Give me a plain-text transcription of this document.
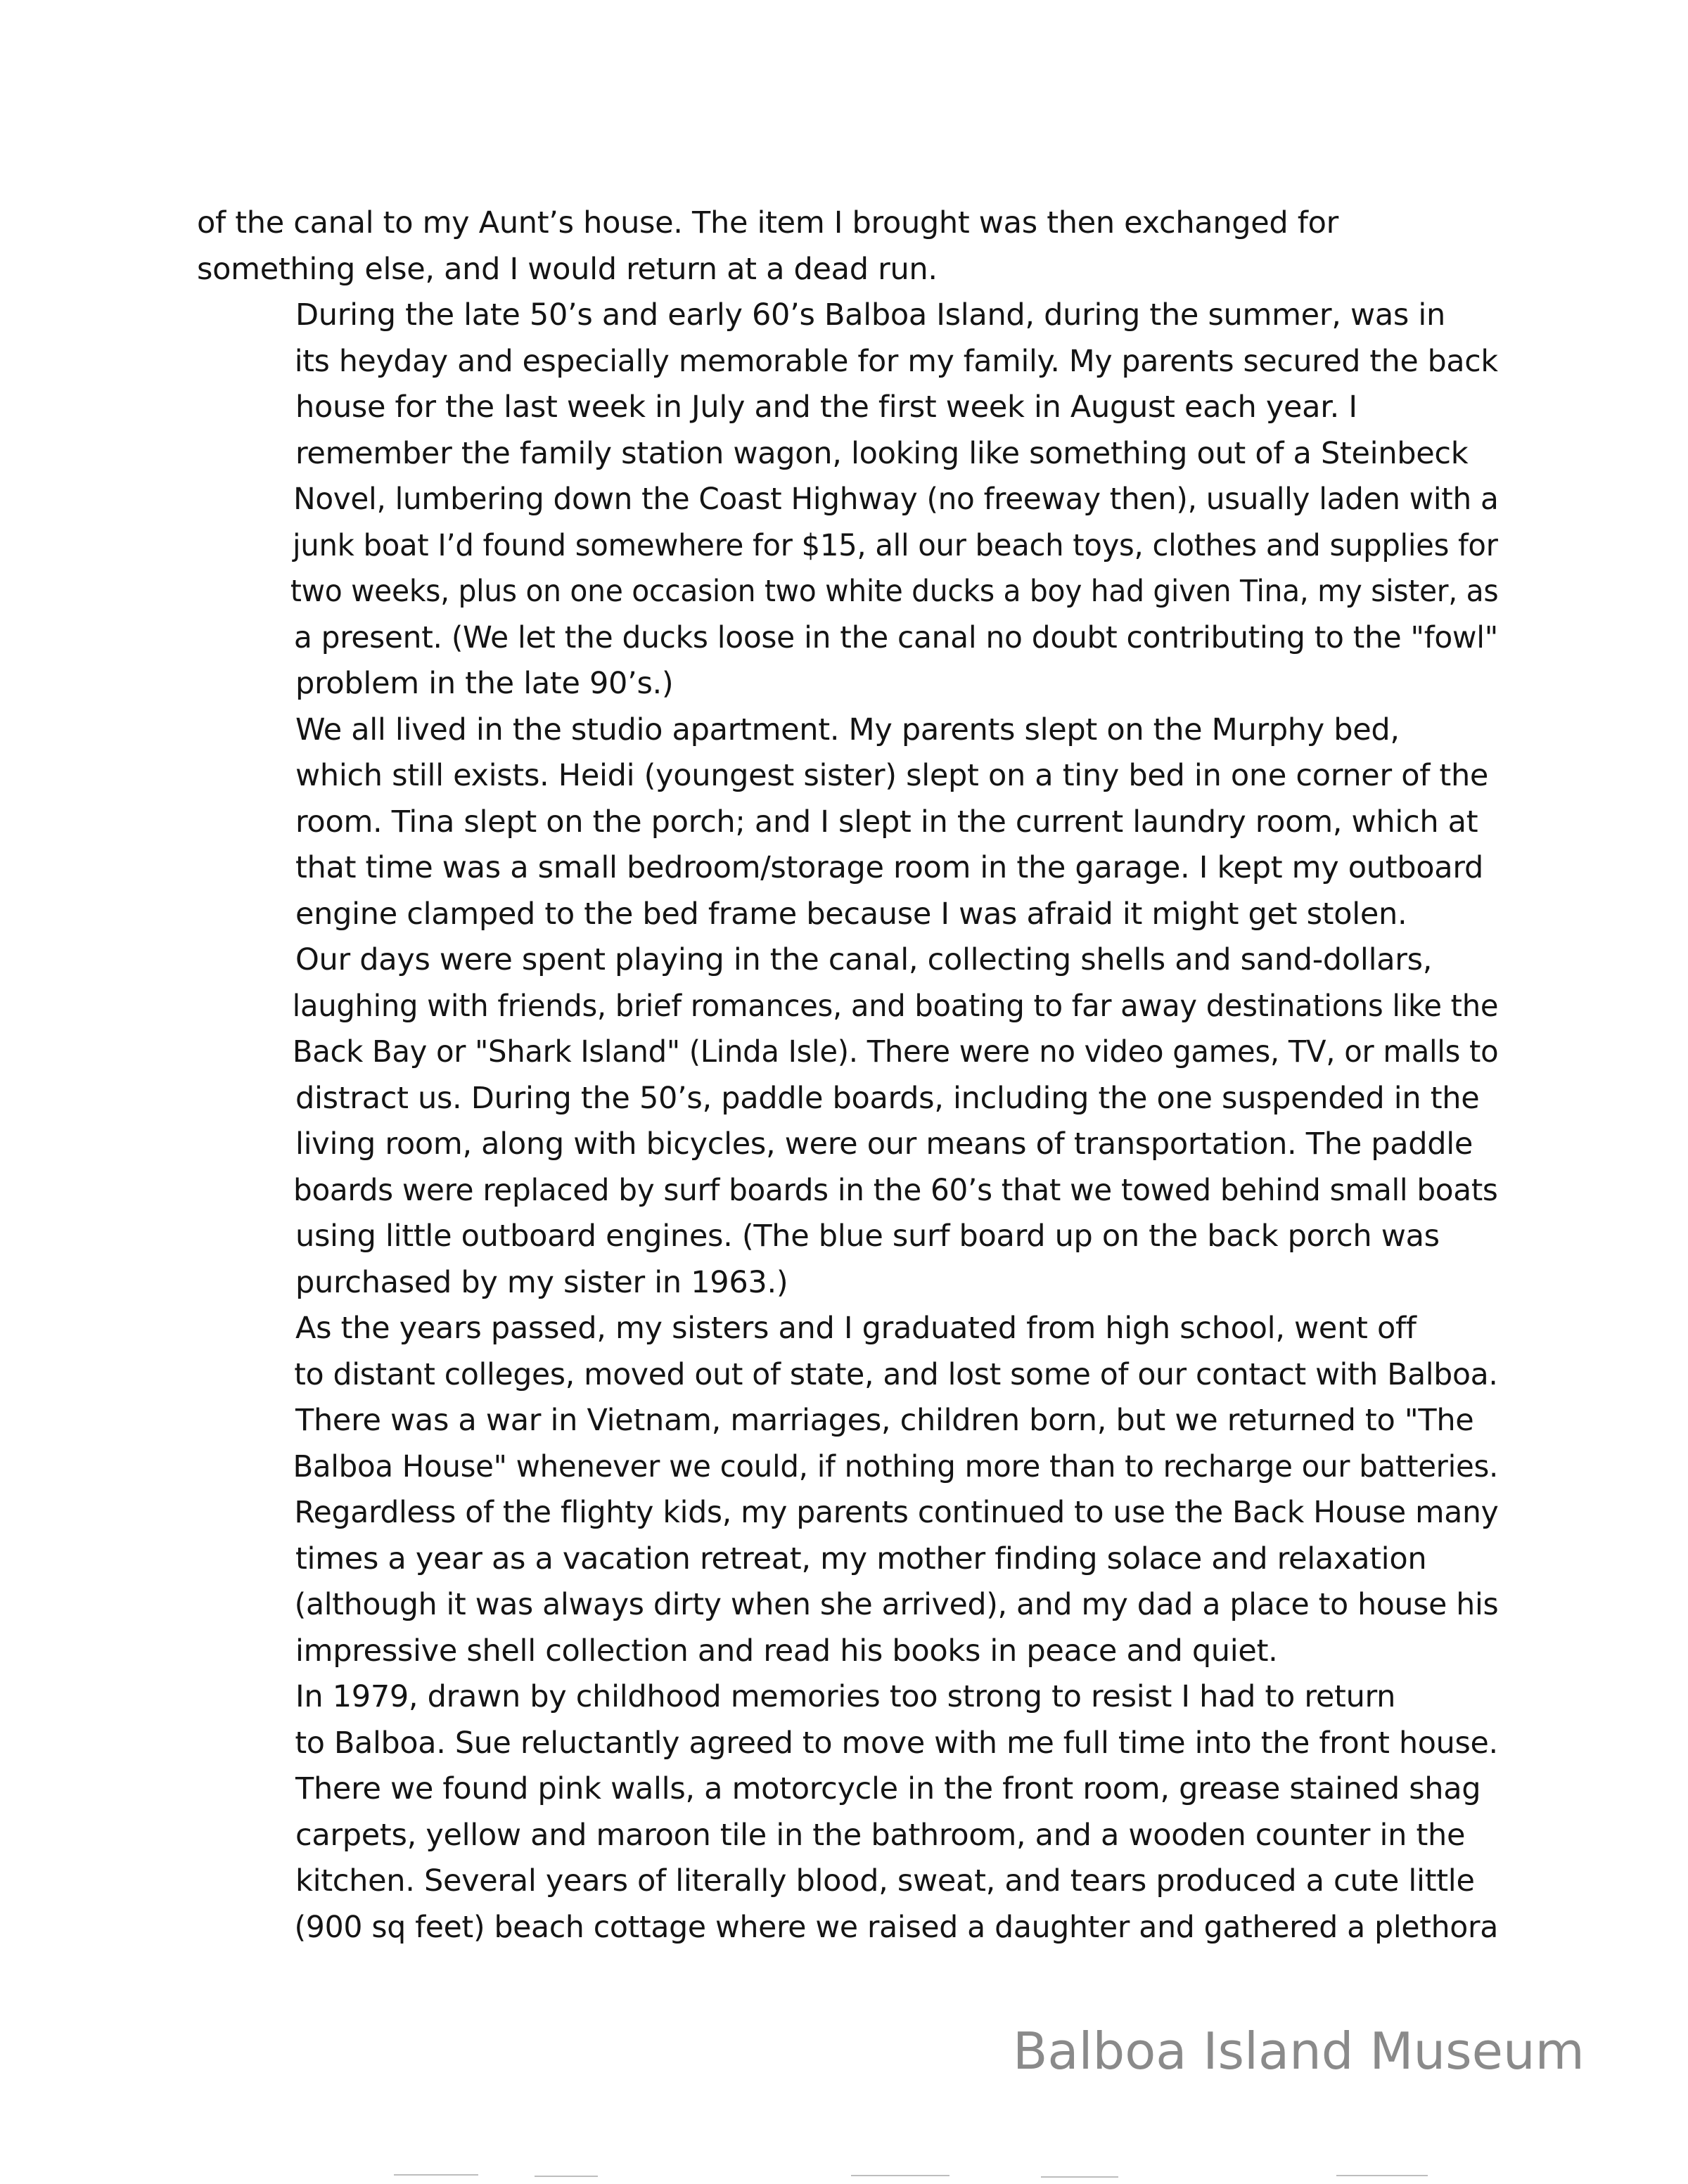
of the canal to my Aunt’s house. The item I brought was then exchanged for
something else, and I would return at a dead run.

During the late 50’s and early 60’s Balboa Island, during the summer, was in
its heyday and especially memorable for my family. My parents secured the back
house for the last week in July and the first week in August each year. I
remember the family station wagon, looking like something out of a Steinbeck
Novel, lumbering down the Coast Highway (no freeway then), usually laden with a
junk boat I’d found somewhere for $15, all our beach toys, clothes and supplies for
two weeks, plus on one occasion two white ducks a boy had given Tina, my sister, as
a present. (We let the ducks loose in the canal no doubt contributing to the "fowl"
problem in the late 90’s.)

We all lived in the studio apartment. My parents slept on the Murphy bed,
which still exists. Heidi (youngest sister) slept on a tiny bed in one corner of the
room. Tina slept on the porch; and I slept in the current laundry room, which at
that time was a small bedroom/storage room in the garage. I kept my outboard
engine clamped to the bed frame because I was afraid it might get stolen.

Our days were spent playing in the canal, collecting shells and sand-dollars,
laughing with friends, brief romances, and boating to far away destinations like the
Back Bay or "Shark Island" (Linda Isle). There were no video games, TV, or malls to
distract us. During the 50’s, paddle boards, including the one suspended in the
living room, along with bicycles, were our means of transportation. The paddle
boards were replaced by surf boards in the 60’s that we towed behind small boats
using little outboard engines. (The blue surf board up on the back porch was
purchased by my sister in 1963.)

As the years passed, my sisters and I graduated from high school, went off
to distant colleges, moved out of state, and lost some of our contact with Balboa.
There was a war in Vietnam, marriages, children born, but we returned to "The
Balboa House" whenever we could, if nothing more than to recharge our batteries.
Regardless of the flighty kids, my parents continued to use the Back House many
times a year as a vacation retreat, my mother finding solace and relaxation
(although it was always dirty when she arrived), and my dad a place to house his
impressive shell collection and read his books in peace and quiet.

In 1979, drawn by childhood memories too strong to resist I had to return
to Balboa. Sue reluctantly agreed to move with me full time into the front house.
There we found pink walls, a motorcycle in the front room, grease stained shag
carpets, yellow and maroon tile in the bathroom, and a wooden counter in the
kitchen. Several years of literally blood, sweat, and tears produced a cute little
(900 sq feet) beach cottage where we raised a daughter and gathered a plethora

Balboa Island Museum
